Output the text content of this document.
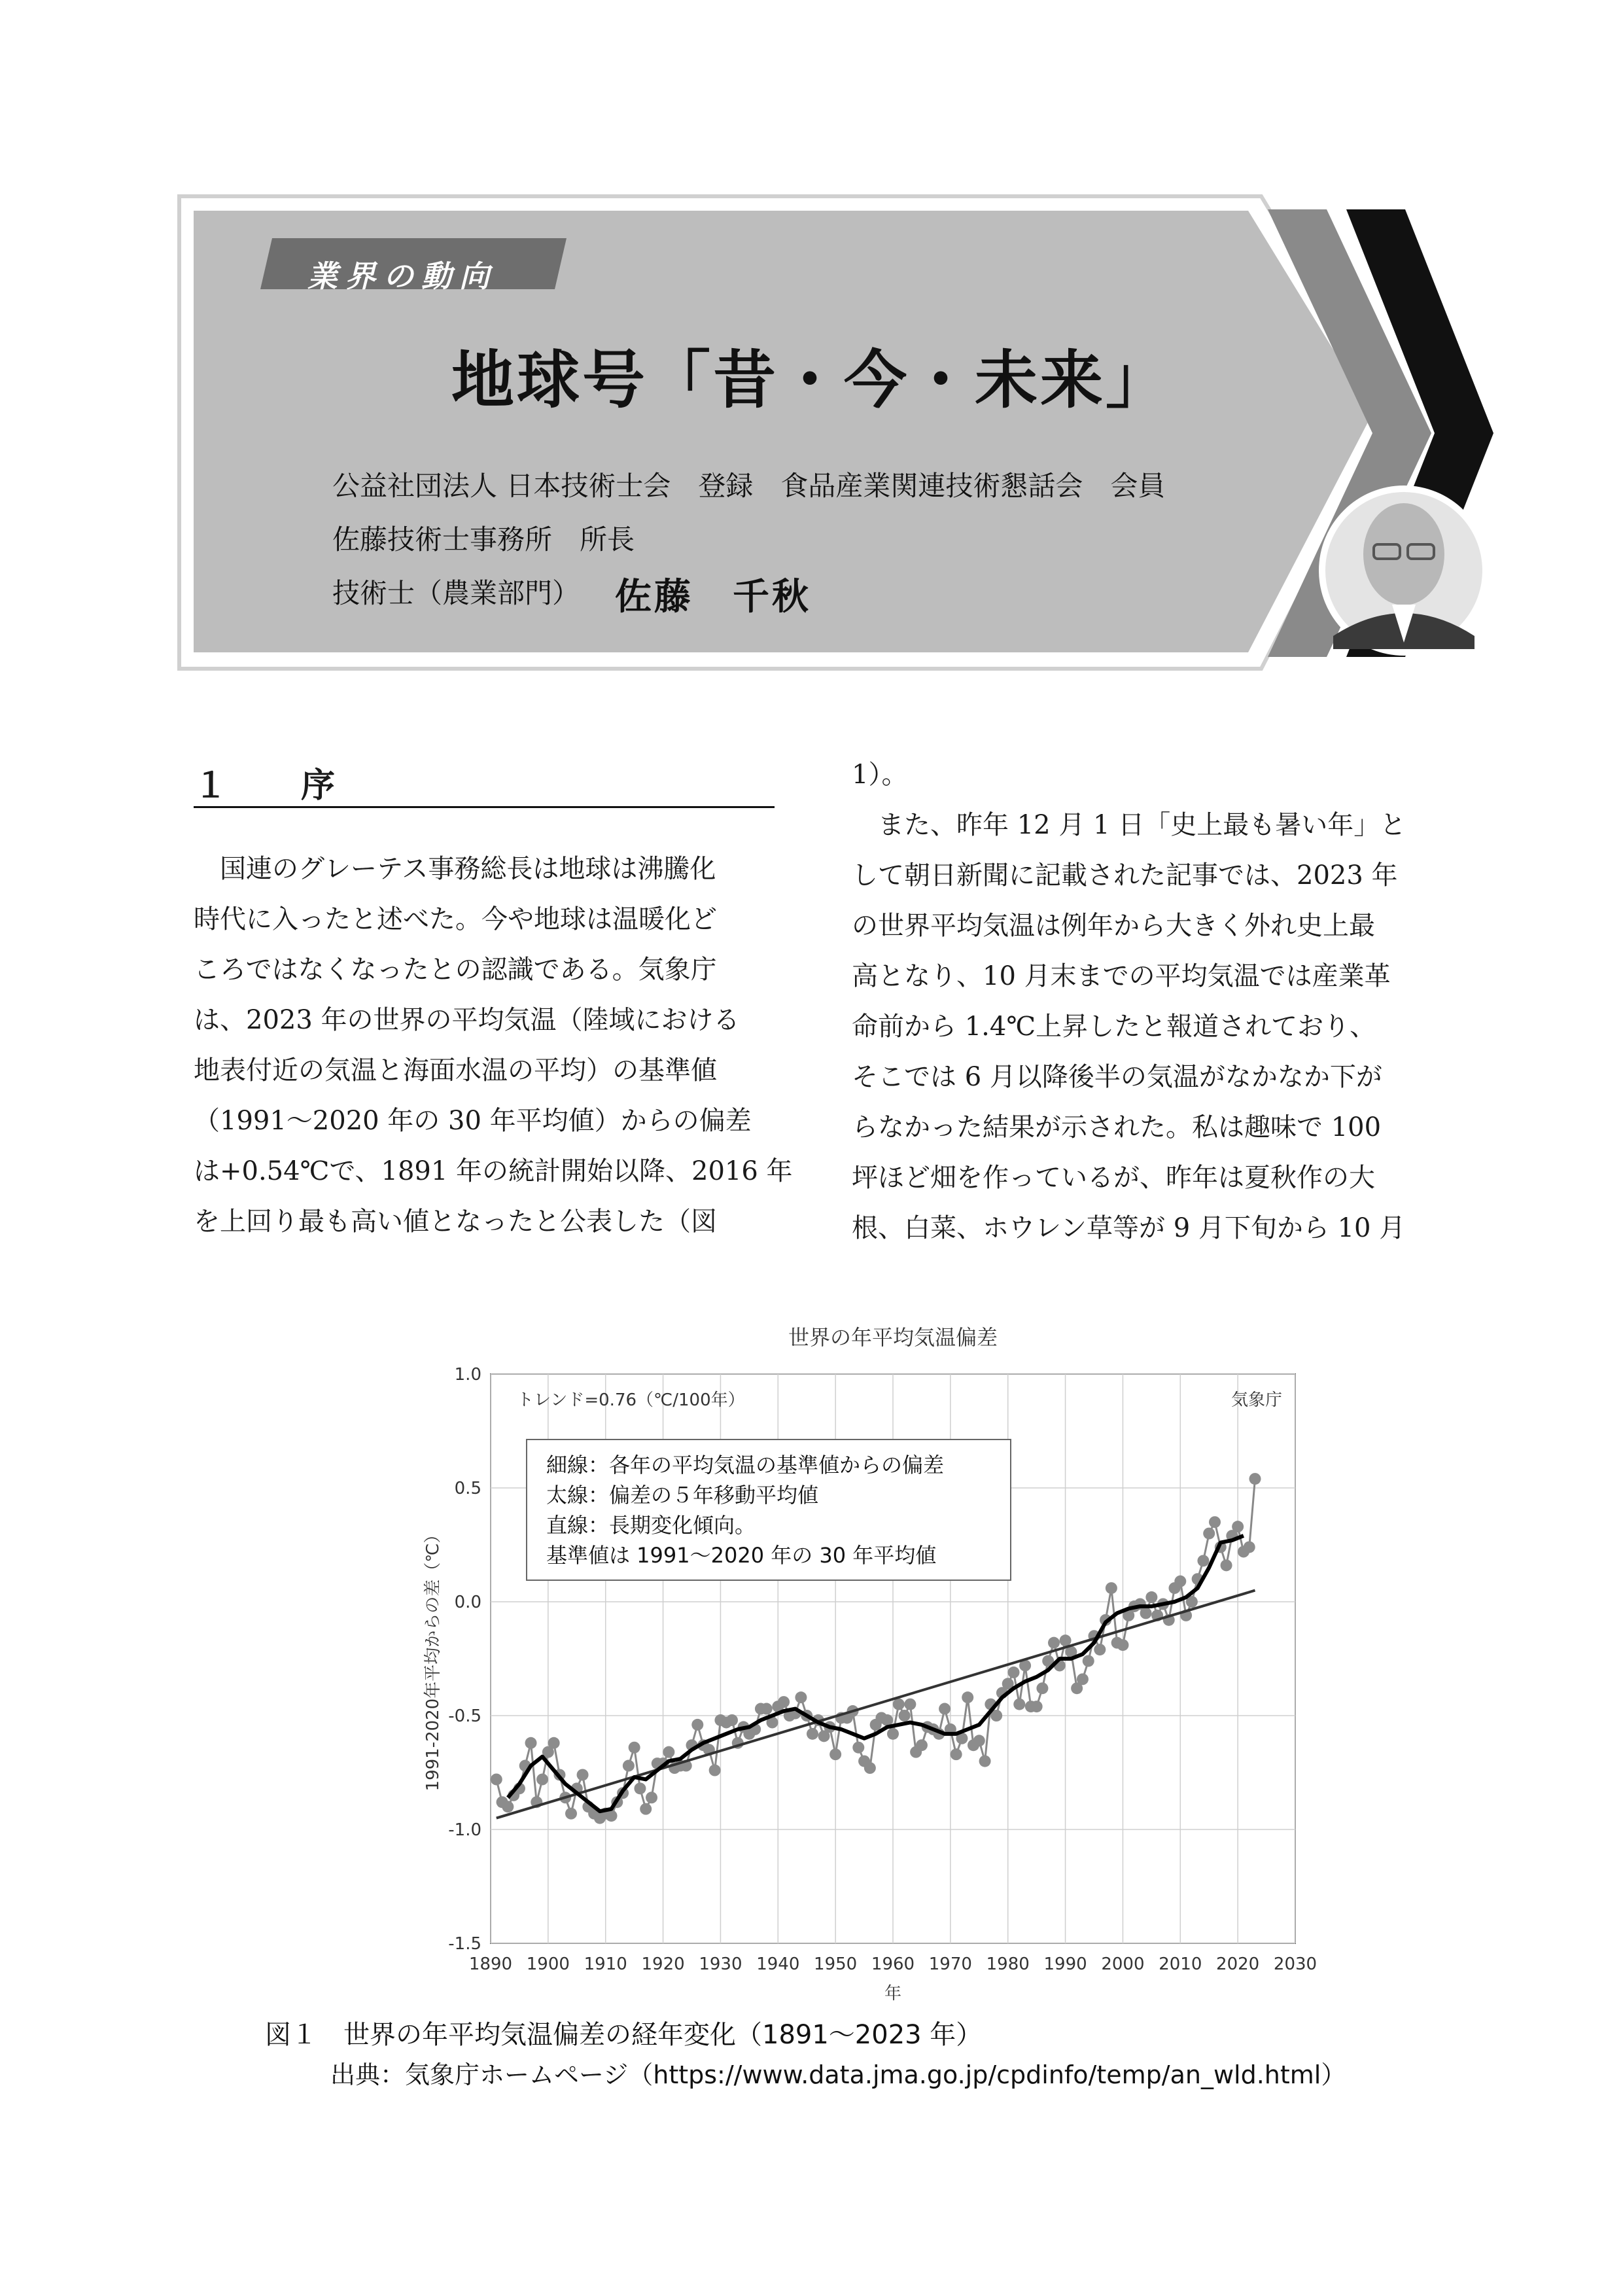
業界の動向
地球号「昔・今・未来」
公益社団法人 日本技術士会　登録　食品産業関連技術懇話会　会員
佐藤技術士事務所　所長
技術士（農業部門） 佐藤　千秋
１　序
　国連のグレーテス事務総長は地球は沸騰化
時代に入ったと述べた。今や地球は温暖化ど
ころではなくなったとの認識である。気象庁
は、2023 年の世界の平均気温（陸域における
地表付近の気温と海面水温の平均）の基準値
（1991～2020 年の 30 年平均値）からの偏差
は+0.54℃で、1891 年の統計開始以降、2016 年
を上回り最も高い値となったと公表した（図
1）。
　また、昨年 12 月 1 日「史上最も暑い年」と
して朝日新聞に記載された記事では、2023 年
の世界平均気温は例年から大きく外れ史上最
高となり、10 月末までの平均気温では産業革
命前から 1.4℃上昇したと報道されており、
そこでは 6 月以降後半の気温がなかなか下が
らなかった結果が示された。私は趣味で 100
坪ほど畑を作っているが、昨年は夏秋作の大
根、白菜、ホウレン草等が 9 月下旬から 10 月
世界の年平均気温偏差
1890 1900 1910 1920 1930 1940 1950 1960 1970 1980 1990 2000 2010 2020 2030
1.0
0.5
0.0
-0.5
-1.0
-1.5
年
1991-2020年平均からの差（℃）
トレンド=0.76（℃/100年）	気象庁
細線：各年の平均気温の基準値からの偏差
太線：偏差の５年移動平均値
直線：長期変化傾向。
基準値は 1991～2020 年の 30 年平均値
図１　世界の年平均気温偏差の経年変化（1891～2023 年）
出典：気象庁ホームページ（https://www.data.jma.go.jp/cpdinfo/temp/an_wld.html）
